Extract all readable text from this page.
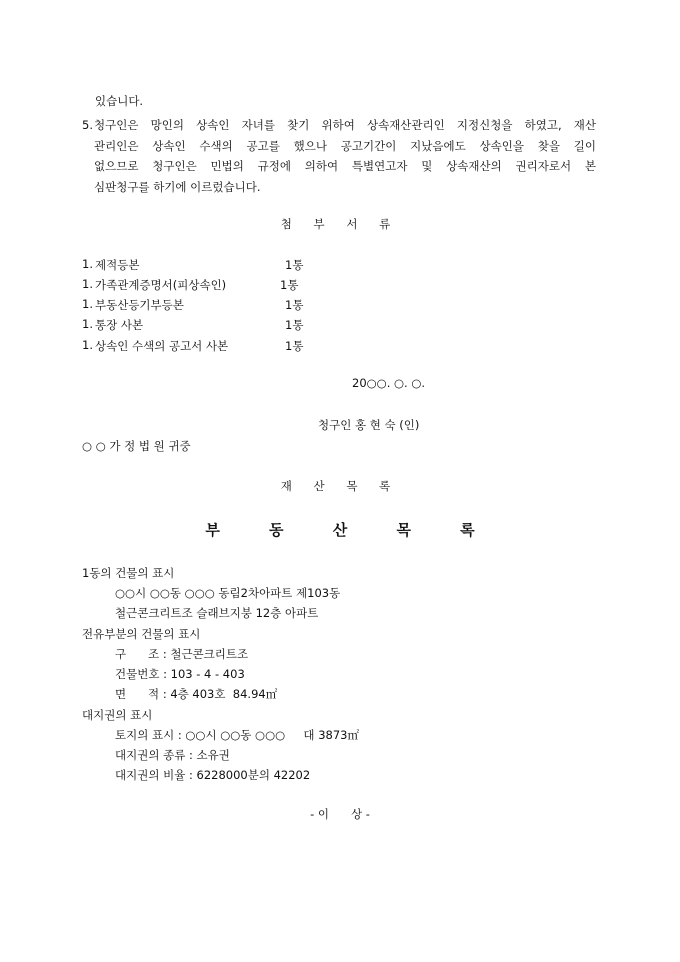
있습니다.
5. 청구인은 망인의 상속인 자녀를 찾기 위하여 상속재산관리인 지정신청을 하였고, 재산
관리인은 상속인 수색의 공고를 했으나 공고기간이 지났음에도 상속인을 찾을 길이
없으므로 청구인은 민법의 규정에 의하여 특별연고자 및 상속재산의 권리자로서 본
심판청구를 하기에 이르렀습니다.
첨 부 서 류
1. 제적등본	1통
1. 가족관계증명서(피상속인)	1통
1. 부동산등기부등본	1통
1. 통장 사본	1통
1. 상속인 수색의 공고서 사본	1통
20○○. ○. ○.
청구인 홍 현 숙 (인)
○ ○ 가 정 법 원 귀중
재 산 목 록
부 동 산 목 록
1동의 건물의 표시
○○시 ○○동 ○○○ 동림2차아파트 제103동
철근콘크리트조 슬래브지붕 12층 아파트
전유부분의 건물의 표시
구      조 : 철근콘크리트조
건물번호 : 103 - 4 - 403
면      적 : 4층 403호  84.94㎡
대지권의 표시
토지의 표시 : ○○시 ○○동 ○○○     대 3873㎡
대지권의 종류 : 소유권
대지권의 비율 : 6228000분의 42202
- 이      상 -
